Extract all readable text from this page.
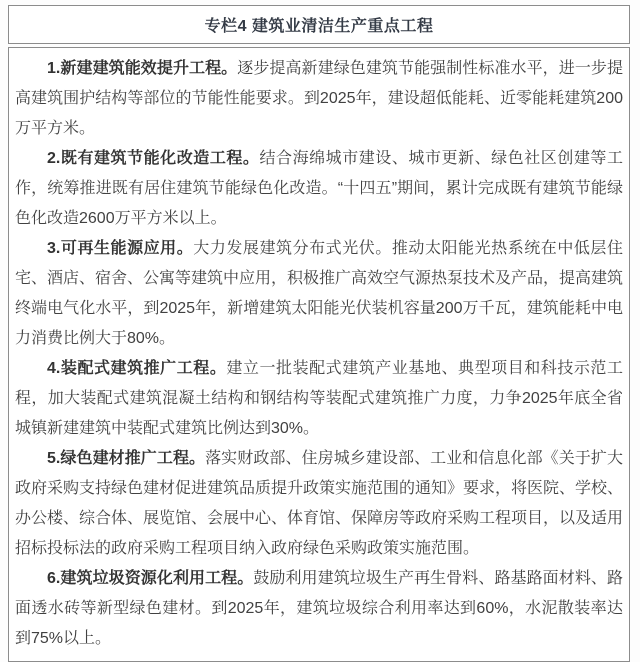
专栏4 建筑业清洁生产重点工程

1.新建建筑能效提升工程。逐步提高新建绿色建筑节能强制性标准水平，进一步提高建筑围护结构等部位的节能性能要求。到2025年，建设超低能耗、近零能耗建筑200万平方米。

2.既有建筑节能化改造工程。结合海绵城市建设、城市更新、绿色社区创建等工作，统筹推进既有居住建筑节能绿色化改造。“十四五”期间，累计完成既有建筑节能绿色化改造2600万平方米以上。

3.可再生能源应用。大力发展建筑分布式光伏。推动太阳能光热系统在中低层住宅、酒店、宿舍、公寓等建筑中应用，积极推广高效空气源热泵技术及产品，提高建筑终端电气化水平，到2025年，新增建筑太阳能光伏装机容量200万千瓦，建筑能耗中电力消费比例大于80%。

4.装配式建筑推广工程。建立一批装配式建筑产业基地、典型项目和科技示范工程，加大装配式建筑混凝土结构和钢结构等装配式建筑推广力度，力争2025年底全省城镇新建建筑中装配式建筑比例达到30%。

5.绿色建材推广工程。落实财政部、住房城乡建设部、工业和信息化部《关于扩大政府采购支持绿色建材促进建筑品质提升政策实施范围的通知》要求，将医院、学校、办公楼、综合体、展览馆、会展中心、体育馆、保障房等政府采购工程项目，以及适用招标投标法的政府采购工程项目纳入政府绿色采购政策实施范围。

6.建筑垃圾资源化利用工程。鼓励利用建筑垃圾生产再生骨料、路基路面材料、路面透水砖等新型绿色建材。到2025年，建筑垃圾综合利用率达到60%，水泥散装率达到75%以上。
